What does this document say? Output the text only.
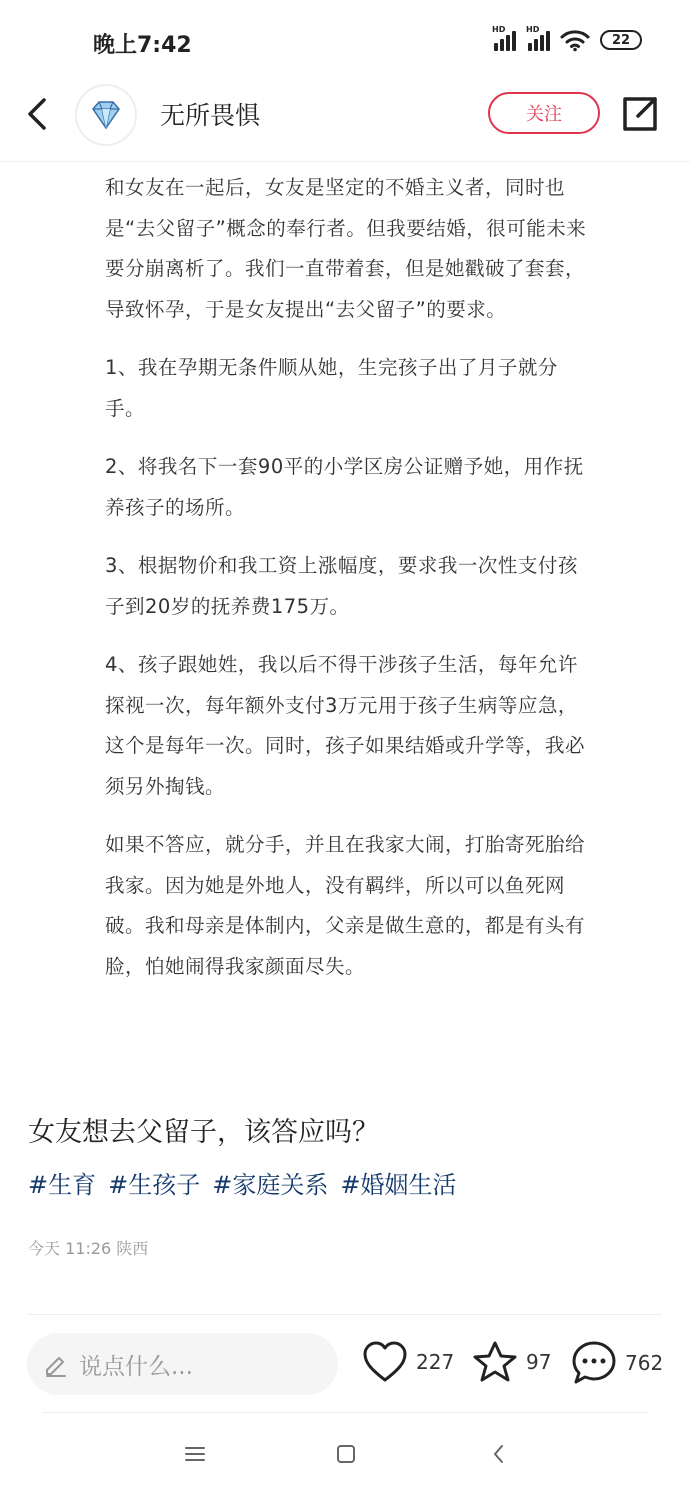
晚上7:42
HD	HD
22
无所畏惧	关注

和女友在一起后，女友是坚定的不婚主义者，同时也是“去父留子”概念的奉行者。但我要结婚，很可能未来要分崩离析了。我们一直带着套，但是她戳破了套套，导致怀孕，于是女友提出“去父留子”的要求。

1、我在孕期无条件顺从她，生完孩子出了月子就分手。

2、将我名下一套90平的小学区房公证赠予她，用作抚养孩子的场所。

3、根据物价和我工资上涨幅度，要求我一次性支付孩子到20岁的抚养费175万。

4、孩子跟她姓，我以后不得干涉孩子生活，每年允许探视一次，每年额外支付3万元用于孩子生病等应急，这个是每年一次。同时，孩子如果结婚或升学等，我必须另外掏钱。

如果不答应，就分手，并且在我家大闹，打胎寄死胎给我家。因为她是外地人，没有羁绊，所以可以鱼死网破。我和母亲是体制内，父亲是做生意的，都是有头有脸，怕她闹得我家颜面尽失。

女友想去父留子，该答应吗？
#生育 #生孩子 #家庭关系 #婚姻生活
今天 11:26 陕西
说点什么...	227	97	762
